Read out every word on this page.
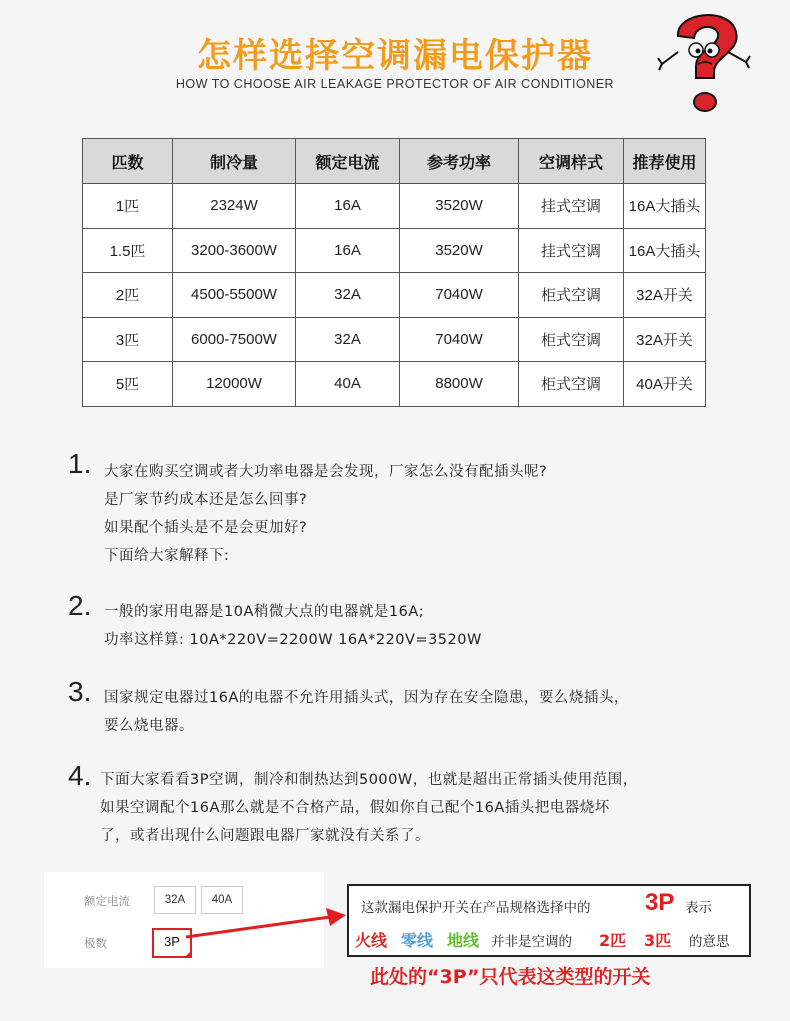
怎样选择空调漏电保护器
HOW TO CHOOSE AIR LEAKAGE PROTECTOR OF AIR CONDITIONER
匹数	制冷量	额定电流	参考功率	空调样式	推荐使用
1匹	2324W	16A	3520W	挂式空调	16A大插头
1.5匹	3200-3600W	16A	3520W	挂式空调	16A大插头
2匹	4500-5500W	32A	7040W	柜式空调	32A开关
3匹	6000-7500W	32A	7040W	柜式空调	32A开关
5匹	12000W	40A	8800W	柜式空调	40A开关
1. 大家在购买空调或者大功率电器是会发现，厂家怎么没有配插头呢?
是厂家节约成本还是怎么回事?
如果配个插头是不是会更加好?
下面给大家解释下:
2. 一般的家用电器是10A稍微大点的电器就是16A;
功率这样算: 10A*220V=2200W 16A*220V=3520W
3. 国家规定电器过16A的电器不允许用插头式，因为存在安全隐患，要么烧插头，
要么烧电器。
4. 下面大家看看3P空调，制冷和制热达到5000W，也就是超出正常插头使用范围，
如果空调配个16A那么就是不合格产品，假如你自己配个16A插头把电器烧坏
了，或者出现什么问题跟电器厂家就没有关系了。
额定电流	32A	40A
极数	3P
这款漏电保护开关在产品规格选择中的 3P 表示
火线 零线 地线 并非是空调的 2匹 3匹 的意思
此处的“3P”只代表这类型的开关
